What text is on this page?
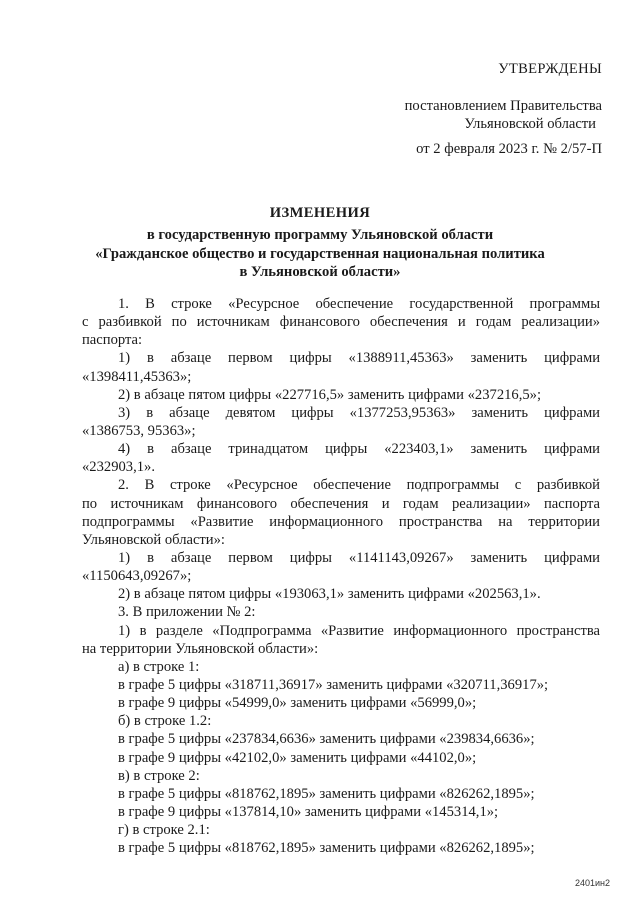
УТВЕРЖДЕНЫ
постановлением Правительства
Ульяновской области
от 2 февраля 2023 г. № 2/57-П
ИЗМЕНЕНИЯ
в государственную программу Ульяновской области
«Гражданское общество и государственная национальная политика
в Ульяновской области»
1. В строке «Ресурсное обеспечение государственной программы
с разбивкой по источникам финансового обеспечения и годам реализации»
паспорта:
1) в абзаце первом цифры «1388911,45363» заменить цифрами
«1398411,45363»;
2) в абзаце пятом цифры «227716,5» заменить цифрами «237216,5»;
3) в абзаце девятом цифры «1377253,95363» заменить цифрами
«1386753, 95363»;
4) в абзаце тринадцатом цифры «223403,1» заменить цифрами
«232903,1».
2. В строке «Ресурсное обеспечение подпрограммы с разбивкой
по источникам финансового обеспечения и годам реализации» паспорта
подпрограммы «Развитие информационного пространства на территории
Ульяновской области»:
1) в абзаце первом цифры «1141143,09267» заменить цифрами
«1150643,09267»;
2) в абзаце пятом цифры «193063,1» заменить цифрами «202563,1».
3. В приложении № 2:
1) в разделе «Подпрограмма «Развитие информационного пространства
на территории Ульяновской области»:
а) в строке 1:
в графе 5 цифры «318711,36917» заменить цифрами «320711,36917»;
в графе 9 цифры «54999,0» заменить цифрами «56999,0»;
б) в строке 1.2:
в графе 5 цифры «237834,6636» заменить цифрами «239834,6636»;
в графе 9 цифры «42102,0» заменить цифрами «44102,0»;
в) в строке 2:
в графе 5 цифры «818762,1895» заменить цифрами «826262,1895»;
в графе 9 цифры «137814,10» заменить цифрами «145314,1»;
г) в строке 2.1:
в графе 5 цифры «818762,1895» заменить цифрами «826262,1895»;
2401ин2
